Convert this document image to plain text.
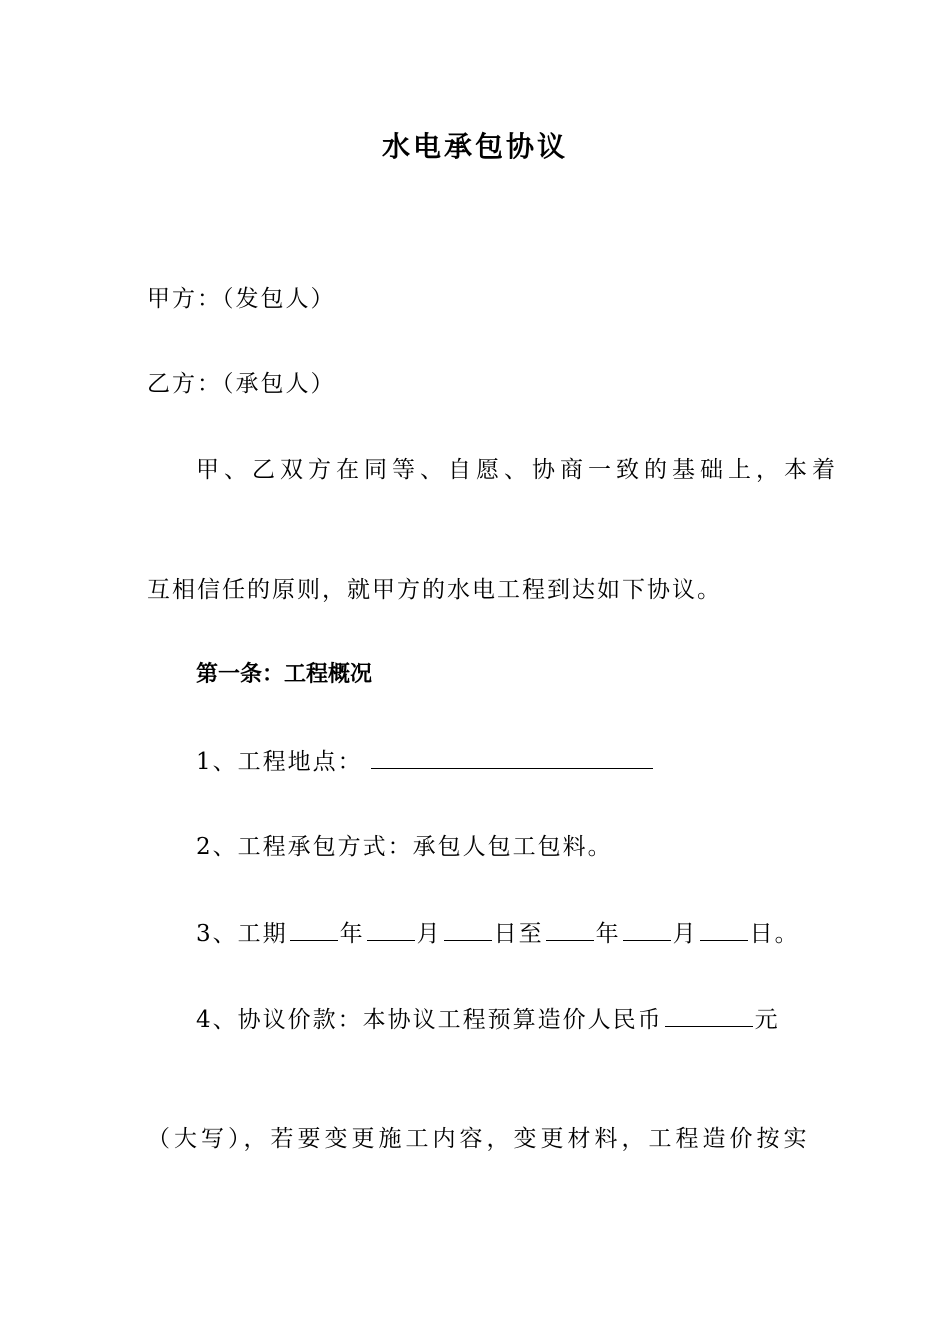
水电承包协议
甲方：（发包人）
乙方：（承包人）
甲、乙双方在同等、自愿、协商一致的基础上，本着
互相信任的原则，就甲方的水电工程到达如下协议。
第一条：工程概况
1、工程地点：
2、工程承包方式：承包人包工包料。
3、工期 年 月 日至 年 月 日。
4、协议价款：本协议工程预算造价人民币	元
（大写），若要变更施工内容，变更材料，工程造价按实
